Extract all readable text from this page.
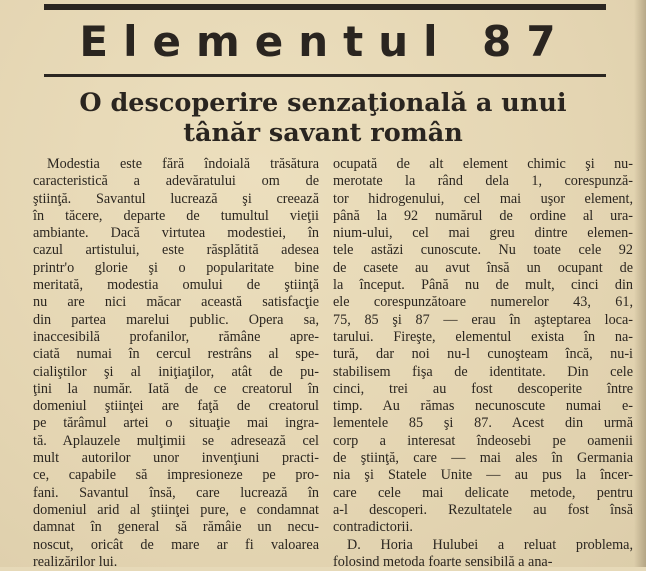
Elementul 87
O descoperire senzaţională a unui
tânăr savant român

Modestia este fără îndoială trăsătura

caracteristică a adevăratului om de

ştiinţă. Savantul lucrează şi creează

în tăcere, departe de tumultul vieţii

ambiante. Dacă virtutea modestiei, în

cazul artistului, este răsplătită adesea

printr'o glorie şi o popularitate bine

meritată, modestia omului de ştiinţă

nu are nici măcar această satisfacţie

din partea marelui public. Opera sa,

inaccesibilă profanilor, rămâne apre-

ciată numai în cercul restrâns al spe-

cialiştilor şi al iniţiaţilor, atât de pu-

ţini la număr. Iată de ce creatorul în

domeniul ştiinţei are faţă de creatorul

pe tărâmul artei o situaţie mai ingra-

tă. Aplauzele mulţimii se adresează cel

mult autorilor unor invenţiuni practi-

ce, capabile să impresioneze pe pro-

fani. Savantul însă, care lucrează în

domeniul arid al ştiinţei pure, e condamnat

damnat în general să rămâie un necu-

noscut, oricât de mare ar fi valoarea

realizărilor lui.

ocupată de alt element chimic şi nu-

merotate la rând dela 1, corespunză-

tor hidrogenului, cel mai uşor element,

până la 92 numărul de ordine al ura-

nium-ului, cel mai greu dintre elemen-

tele astăzi cunoscute. Nu toate cele 92

de casete au avut însă un ocupant de

la început. Până nu de mult, cinci din

ele corespunzătoare numerelor 43, 61,

75, 85 şi 87 — erau în aşteptarea loca-

tarului. Fireşte, elementul exista în na-

tură, dar noi nu-l cunoşteam încă, nu-i

stabilisem fişa de identitate. Din cele

cinci, trei au fost descoperite între

timp. Au rămas necunoscute numai e-

lementele 85 şi 87. Acest din urmă

corp a interesat îndeosebi pe oamenii

de ştiinţă, care — mai ales în Germania

nia şi Statele Unite — au pus la încer-

care cele mai delicate metode, pentru

a-l descoperi. Rezultatele au fost însă

contradictorii.

D. Horia Hulubei a reluat problema,

folosind metoda foarte sensibilă a ana-
